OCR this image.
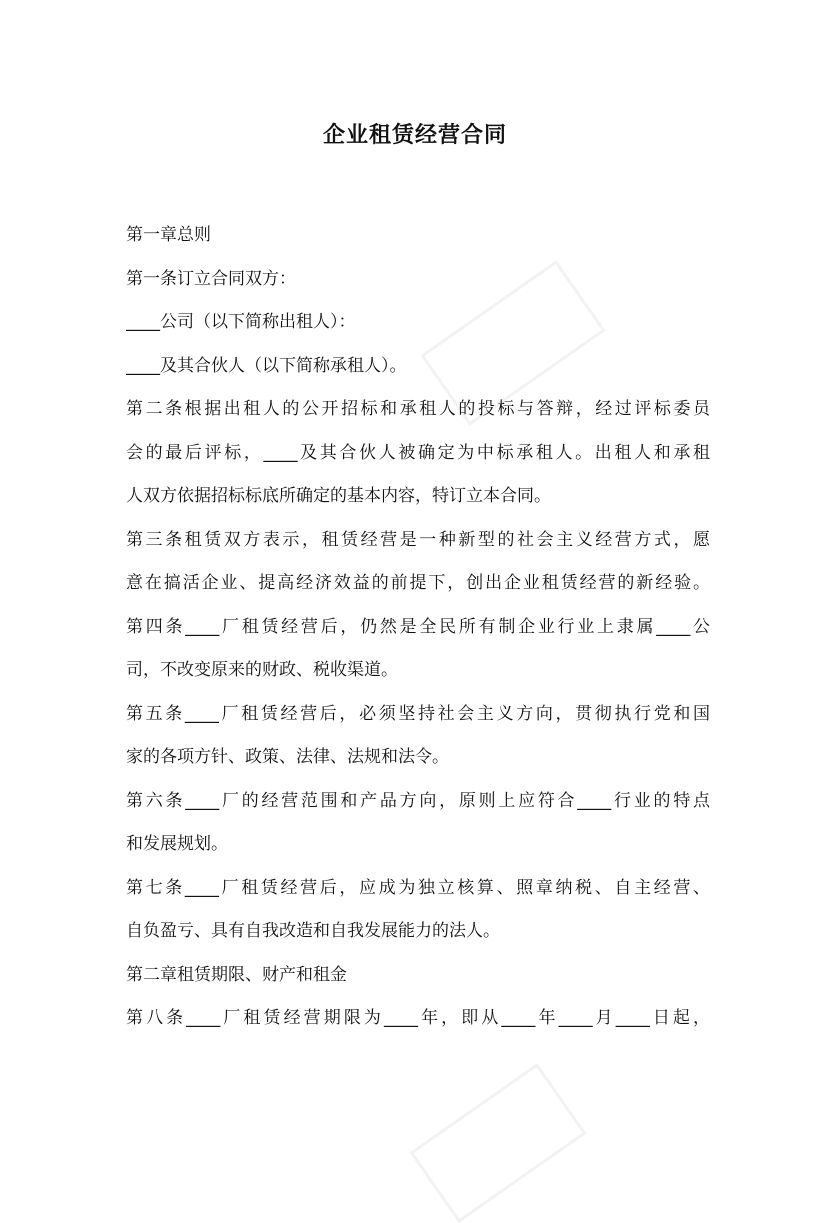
企业租赁经营合同
第一章总则
第一条订立合同双方：
____公司（以下简称出租人）：
____及其合伙人（以下简称承租人）。
第二条根据出租人的公开招标和承租人的投标与答辩，经过评标委员
会的最后评标，____及其合伙人被确定为中标承租人。出租人和承租
人双方依据招标标底所确定的基本内容，特订立本合同。
第三条租赁双方表示，租赁经营是一种新型的社会主义经营方式，愿
意在搞活企业、提高经济效益的前提下，创出企业租赁经营的新经验。
第四条____厂租赁经营后，仍然是全民所有制企业行业上隶属____公
司，不改变原来的财政、税收渠道。
第五条____厂租赁经营后，必须坚持社会主义方向，贯彻执行党和国
家的各项方针、政策、法律、法规和法令。
第六条____厂的经营范围和产品方向，原则上应符合____行业的特点
和发展规划。
第七条____厂租赁经营后，应成为独立核算、照章纳税、自主经营、
自负盈亏、具有自我改造和自我发展能力的法人。
第二章租赁期限、财产和租金
第八条____厂租赁经营期限为____年，即从____年____月____日起，
